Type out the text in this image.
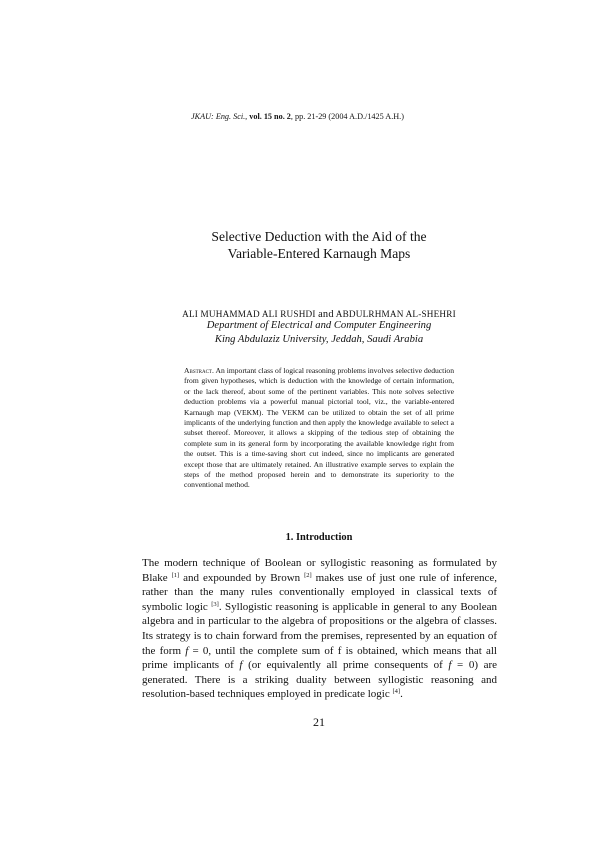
JKAU: Eng. Sci., vol. 15 no. 2, pp. 21-29 (2004 A.D./1425 A.H.)
Selective Deduction with the Aid of the
Variable-Entered Karnaugh Maps
ALI MUHAMMAD ALI RUSHDI and ABDULRHMAN AL-SHEHRI
Department of Electrical and Computer Engineering
King Abdulaziz University, Jeddah, Saudi Arabia
Abstract. An important class of logical reasoning problems involves selective deduction from given hypotheses, which is deduction with the knowledge of certain information, or the lack thereof, about some of the pertinent variables. This note solves selective deduction problems via a powerful manual pictorial tool, viz., the variable-entered Karnaugh map (VEKM). The VEKM can be utilized to obtain the set of all prime implicants of the underlying function and then apply the knowledge available to select a subset thereof. Moreover, it allows a skipping of the tedious step of obtaining the complete sum in its general form by incorporating the available knowledge right from the outset. This is a time-saving short cut indeed, since no implicants are generated except those that are ultimately retained. An illustrative example serves to explain the steps of the method proposed herein and to demonstrate its superiority to the conventional method.
1. Introduction
The modern technique of Boolean or syllogistic reasoning as formulated by Blake [1] and expounded by Brown [2] makes use of just one rule of inference, rather than the many rules conventionally employed in classical texts of symbolic logic [3]. Syllogistic reasoning is applicable in general to any Boolean algebra and in particular to the algebra of propositions or the algebra of classes. Its strategy is to chain forward from the premises, represented by an equation of the form f = 0, until the complete sum of f is obtained, which means that all prime implicants of f (or equivalently all prime consequents of f = 0) are generated. There is a striking duality between syllogistic reasoning and resolution-based techniques employed in predicate logic [4].
21
